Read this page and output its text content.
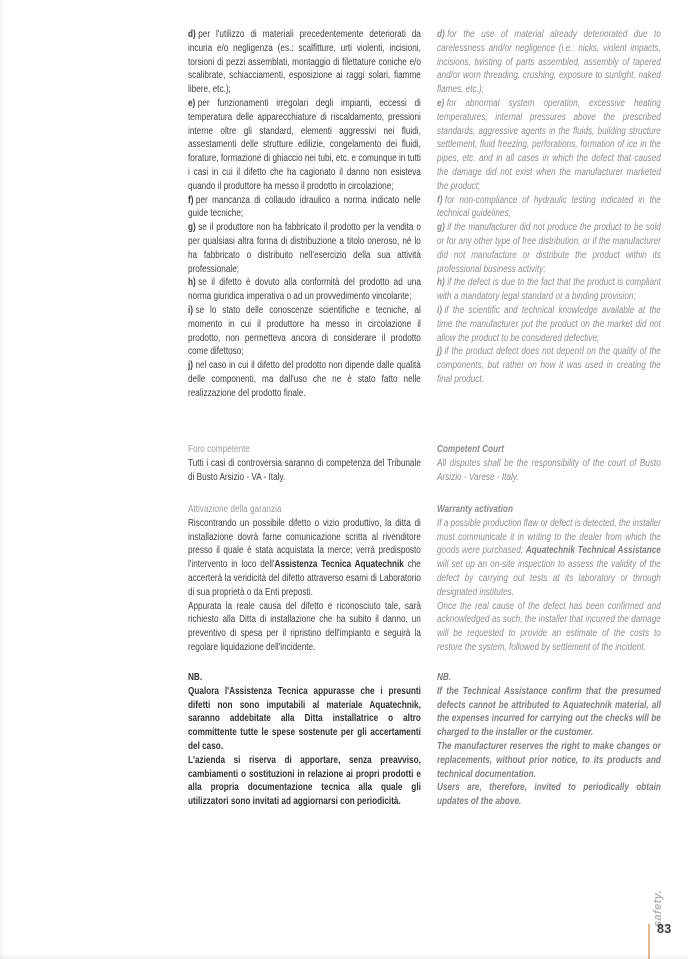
d) per l'utilizzo di materiali precedentemente deteriorati da incuria e/o negligenza (es.: scalfitture, urti violenti, incisioni, torsioni di pezzi assemblati, montaggio di filettature coniche e/o scalibrate, schiacciamenti, esposizione ai raggi solari, fiamme libere, etc.);

e) per funzionamenti irregolari degli impianti, eccessi di temperatura delle apparecchiature di riscaldamento, pressioni interne oltre gli standard, elementi aggressivi nei fluidi, assestamenti delle strutture edilizie, congelamento dei fluidi, forature, formazione di ghiaccio nei tubi, etc. e comunque in tutti i casi in cui il difetto che ha cagionato il danno non esisteva quando il produttore ha messo il prodotto in circolazione;

f) per mancanza di collaudo idraulico a norma indicato nelle guide tecniche;

g) se il produttore non ha fabbricato il prodotto per la vendita o per qualsiasi altra forma di distribuzione a titolo oneroso, né lo ha fabbricato o distribuito nell'esercizio della sua attività professionale;

h) se il difetto è dovuto alla conformità del prodotto ad una norma giuridica imperativa o ad un provvedimento vincolante;

i) se lo stato delle conoscenze scientifiche e tecniche, al momento in cui il produttore ha messo in circolazione il prodotto, non permetteva ancora di considerare il prodotto come difettoso;

j) nel caso in cui il difetto del prodotto non dipende dalle qualità delle componenti, ma dall'uso che ne è stato fatto nelle realizzazione del prodotto finale.

Foro competente

Tutti i casi di controversia saranno di competenza del Tribunale di Busto Arsizio - VA - Italy.

Attivazione della garanzia

Riscontrando un possibile difetto o vizio produttivo, la ditta di installazione dovrà farne comunicazione scritta al rivenditore presso il quale è stata acquistata la merce; verrà predisposto l'intervento in loco dell'Assistenza Tecnica Aquatechnik che accerterà la veridicità del difetto attraverso esami di Laboratorio di sua proprietà o da Enti preposti.

Appurata la reale causa del difetto e riconosciuto tale, sarà richiesto alla Ditta di installazione che ha subito il danno, un preventivo di spesa per il ripristino dell'impianto e seguirà la regolare liquidazione dell'incidente.

NB.

Qualora l'Assistenza Tecnica appurasse che i presunti difetti non sono imputabili al materiale Aquatechnik, saranno addebitate alla Ditta installatrice o altro committente tutte le spese sostenute per gli accertamenti del caso.

L'azienda si riserva di apportare, senza preavviso, cambiamenti o sostituzioni in relazione ai propri prodotti e alla propria documentazione tecnica alla quale gli utilizzatori sono invitati ad aggiornarsi con periodicità.

d) for the use of material already deteriorated due to carelessness and/or negligence (i.e.: nicks, violent impacts, incisions, twisting of parts assembled, assembly of tapered and/or worn threading, crushing, exposure to sunlight, naked flames, etc.);

e) for abnormal system operation, excessive heating temperatures, internal pressures above the prescribed standards, aggressive agents in the fluids, building structure settlement, fluid freezing, perforations, formation of ice in the pipes, etc. and in all cases in which the defect that caused the damage did not exist when the manufacturer marketed the product;

f) for non-compliance of hydraulic testing indicated in the technical guidelines;

g) if the manufacturer did not produce the product to be sold or for any other type of free distribution, or if the manufacturer did not manufacture or distribute the product within its professional business activity;

h) if the defect is due to the fact that the product is compliant with a mandatory legal standard or a binding provision;

i) if the scientific and technical knowledge available at the time the manufacturer put the product on the market did not allow the product to be considered defective;

j) if the product defect does not depend on the quality of the components, but rather on how it was used in creating the final product.

Competent Court

All disputes shall be the responsibility of the court of Busto Arsizio - Varese - Italy.

Warranty activation

If a possible production flaw or defect is detected, the installer must communicate it in writing to the dealer from which the goods were purchased; Aquatechnik Technical Assistance will set up an on-site inspection to assess the validity of the defect by carrying out tests at its laboratory or through designated institutes.

Once the real cause of the defect has been confirmed and acknowledged as such, the installer that incurred the damage will be requested to provide an estimate of the costs to restore the system, followed by settlement of the incident.

NB.

If the Technical Assistance confirm that the presumed defects cannot be attributed to Aquatechnik material, all the expenses incurred for carrying out the checks will be charged to the installer or the customer.

The manufacturer reserves the right to make changes or replacements, without prior notice, to its products and technical documentation.

Users are, therefore, invited to periodically obtain updates of the above.

safety.
83
